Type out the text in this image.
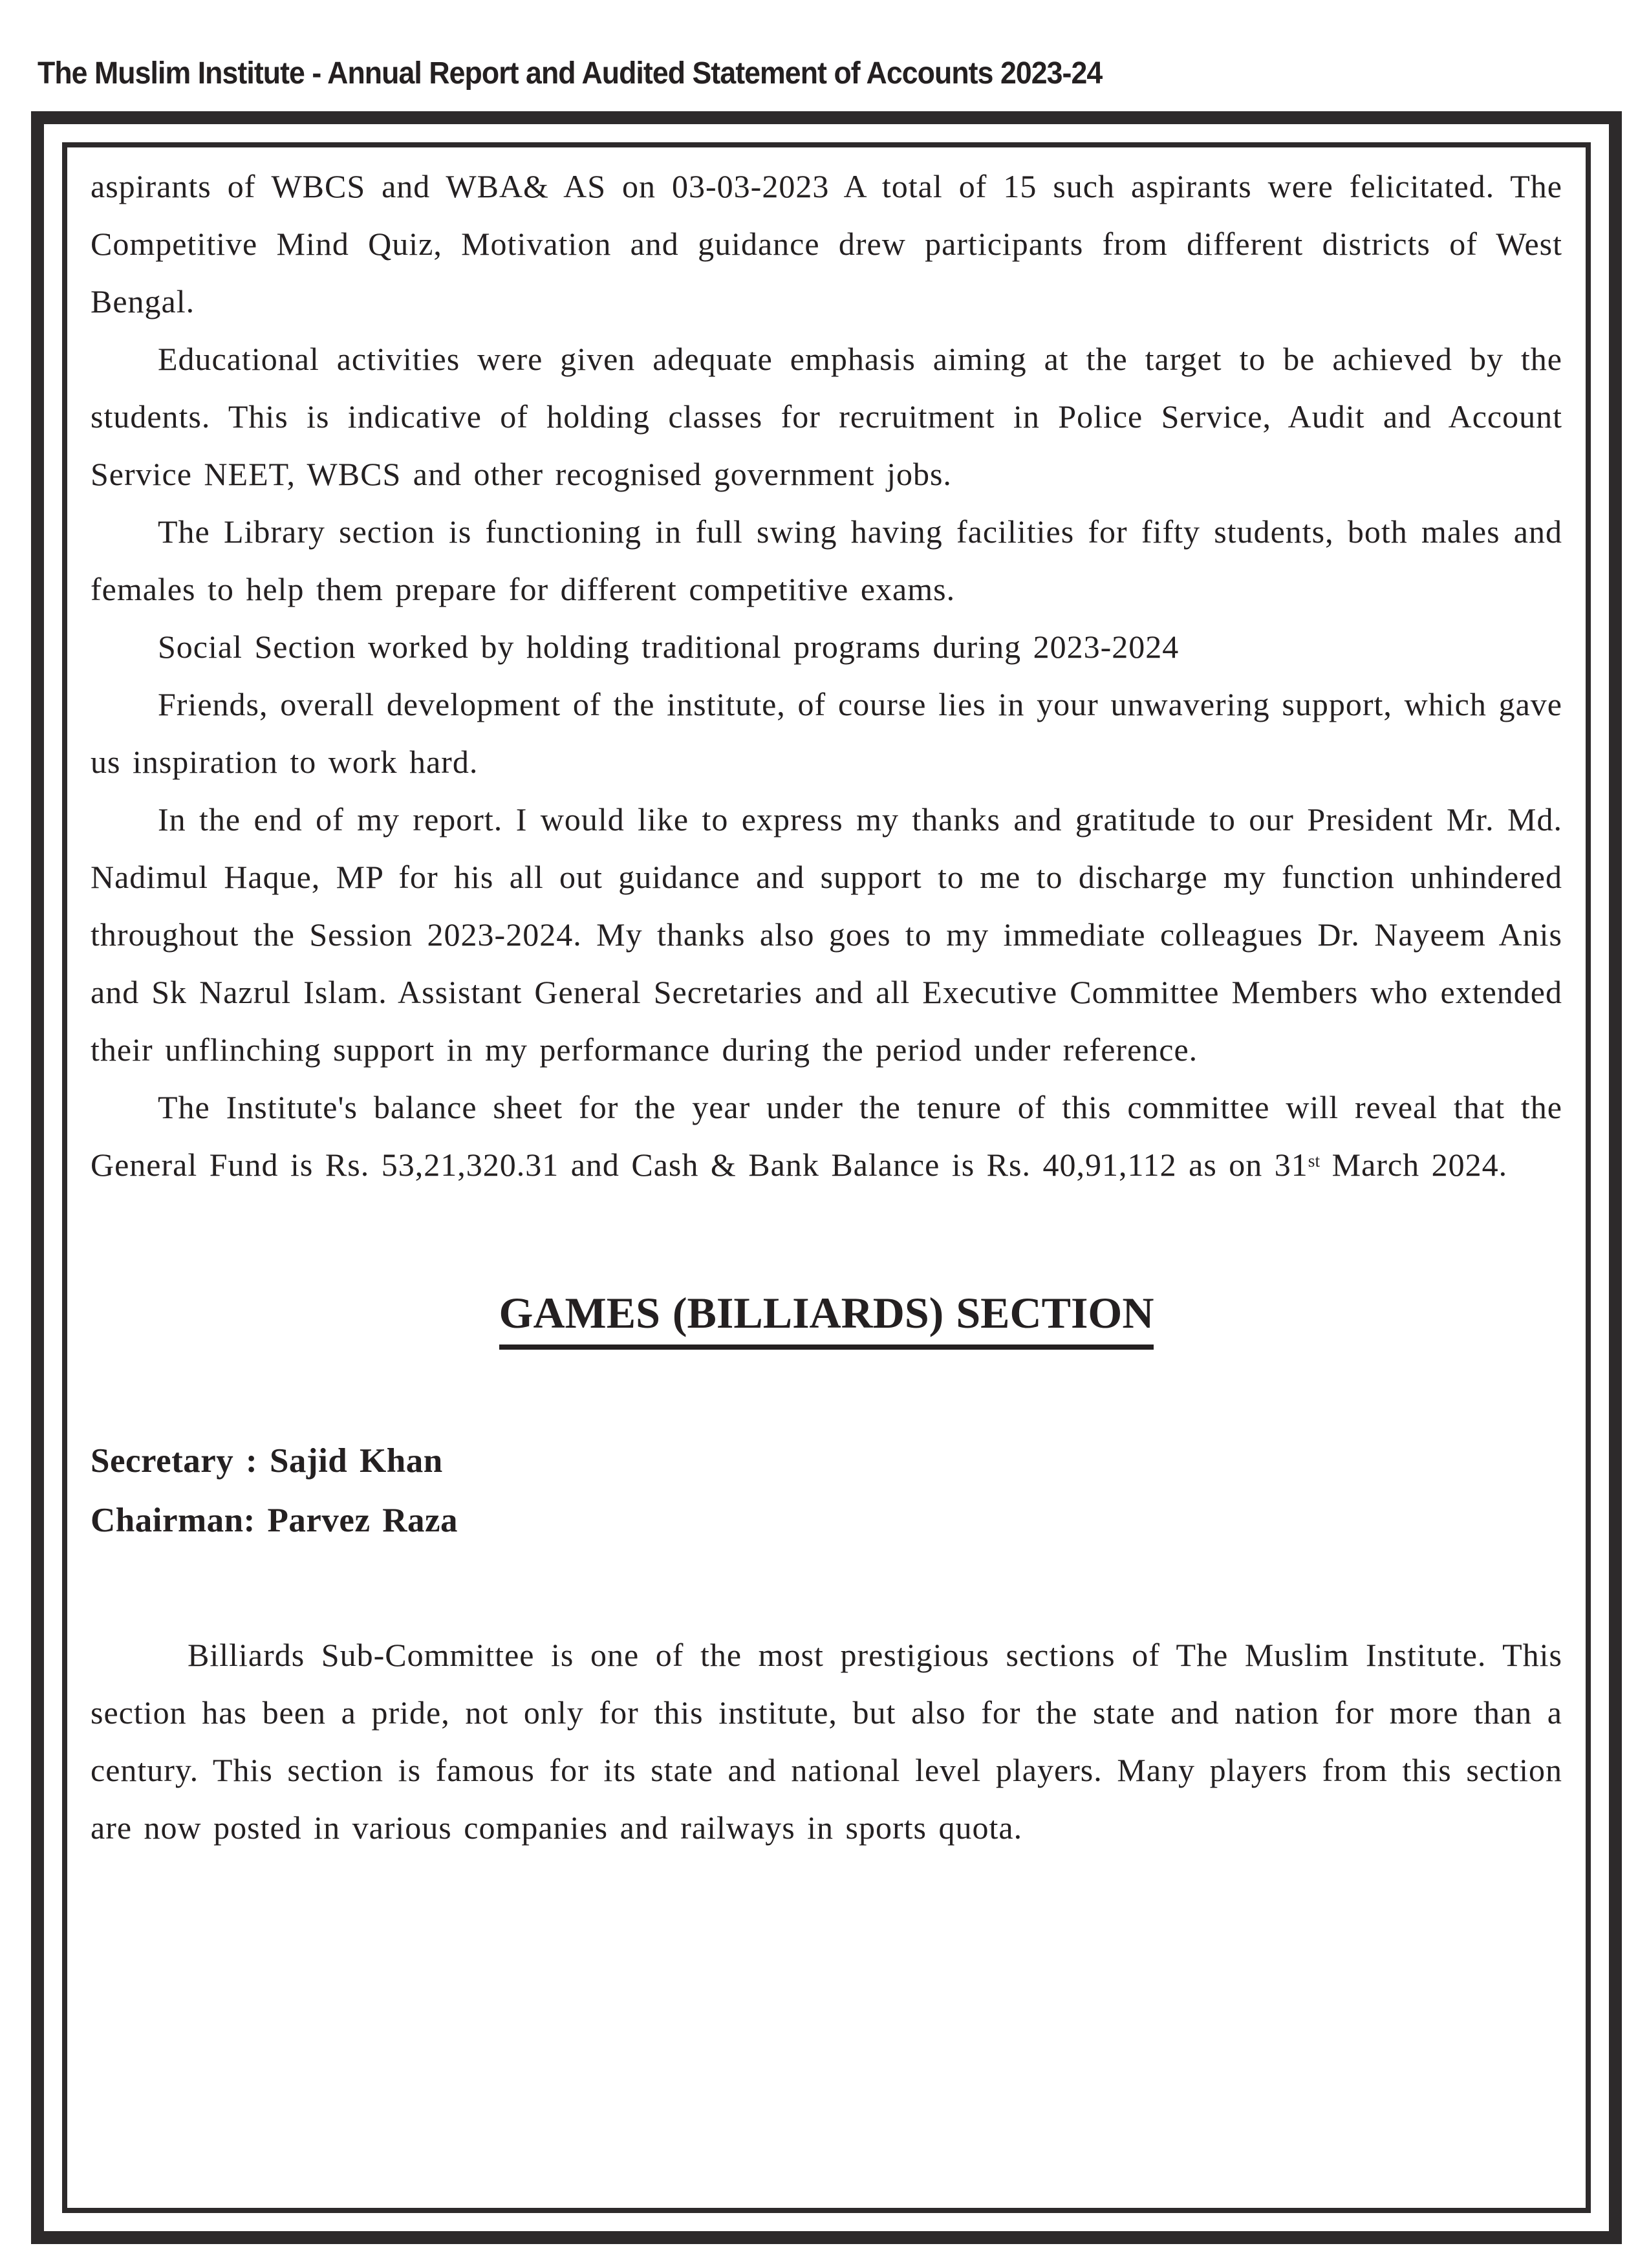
The Muslim Institute - Annual Report and Audited Statement of Accounts 2023-24

aspirants of WBCS and WBA& AS on 03-03-2023 A total of 15 such aspirants were felicitated. The Competitive Mind Quiz, Motivation and guidance drew participants from different districts of West Bengal.

Educational activities were given adequate emphasis aiming at the target to be achieved by the students. This is indicative of holding classes for recruitment in Police Service, Audit and Account Service NEET, WBCS and other recognised government jobs.

The Library section is functioning in full swing having facilities for fifty students, both males and females to help them prepare for different competitive exams.

Social Section worked by holding traditional programs during 2023-2024

Friends, overall development of the institute, of course lies in your unwavering support, which gave us inspiration to work hard.

In the end of my report. I would like to express my thanks and gratitude to our President Mr. Md. Nadimul Haque, MP for his all out guidance and support to me to discharge my function unhindered throughout the Session 2023-2024. My thanks also goes to my immediate colleagues Dr. Nayeem Anis and Sk Nazrul Islam. Assistant General Secretaries and all Executive Committee Members who extended their unflinching support in my performance during the period under reference.

The Institute's balance sheet for the year under the tenure of this committee will reveal that the General Fund is Rs. 53,21,320.31 and Cash & Bank Balance is Rs. 40,91,112 as on 31st March 2024.

GAMES (BILLIARDS) SECTION

Secretary : Sajid Khan

Chairman: Parvez Raza

Billiards Sub-Committee is one of the most prestigious sections of The Muslim Institute. This section has been a pride, not only for this institute, but also for the state and nation for more than a century. This section is famous for its state and national level players. Many players from this section are now posted in various companies and railways in sports quota.
